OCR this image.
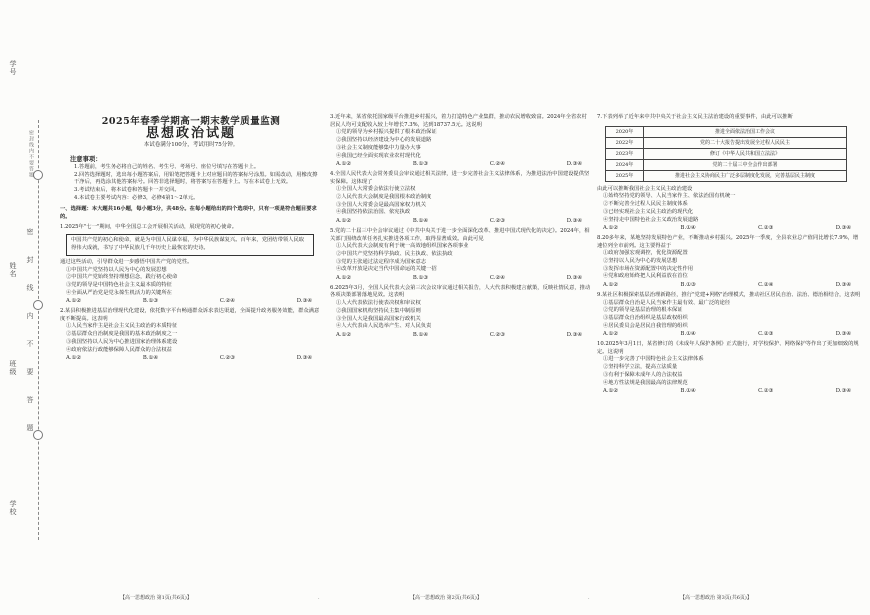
学号
姓名
班级
学校
密
封
线
内
不
要
答
题
密封线内不要答题
2025年春季学期高一期末教学质量监测
思想政治试题
本试卷满分100分，考试用时75分钟。
注意事项：
1.答题前，考生务必将自己的姓名、考生号、考场号、座位号填写在答题卡上。
2.回答选择题时，选出每小题答案后，用铅笔把答题卡上对应题目的答案标号涂黑。如需改动，用橡皮擦干净后，再选涂其他答案标号。回答非选择题时，将答案写在答题卡上。写在本试卷上无效。
3.考试结束后，将本试卷和答题卡一并交回。
4.本试卷主要考试内容：必修3，必修4第1～2单元。
一、选择题：本大题共16小题，每小题3分，共48分。在每小题给出的四个选项中，只有一项是符合题目要求的。
1.2025年"七一"期间，中华全国总工会开展相关活动，展现党的初心使命。
中国共产党的初心和使命，就是为中国人民谋幸福，为中华民族谋复兴。百年来，党团结带领人民取得伟大成就，书写了中华民族几千年历史上最恢宏的史诗。
通过这些活动，引导群众进一步感悟中国共产党的党性。
①中国共产党坚持以人民为中心的发展思想
②中国共产党始终坚持理想信念，践行初心使命
③党的领导是中国特色社会主义最本质的特征
④全面从严治党是党永葆生机活力的关键所在
A.①②	B.①③	C.②④	D.③④
2.某县积极推进基层治理现代化建设，依托数字平台畅通群众诉求表达渠道，全面提升政务服务效能，群众满意度不断提高。这表明
①人民当家作主是社会主义民主政治的本质特征
②基层群众自治制度是我国的基本政治制度之一
③我国坚持以人民为中心推进国家治理体系建设
④政府依法行政能够保障人民群众的合法权益
A.①②	B.①④	C.②③	D.③④
3.近年来，某省依托国家级平台推进乡村振兴，着力打造特色产业集群，推动农民增收致富。2024年全省农村居民人均可支配收入较上年增长7.3%，达到18737.5元。这说明
①党的领导为乡村振兴提供了根本政治保证
②我国坚持以经济建设为中心的发展道路
③社会主义制度能够集中力量办大事
④我国已经全面实现农业农村现代化
A.①②	B.①③	C.②④	D.③④
4.全国人民代表大会常务委员会审议通过相关法律，进一步完善社会主义法律体系，为推进法治中国建设提供坚实保障。这体现了
①全国人大常委会依法行使立法权
②人民代表大会制度是我国根本政治制度
③全国人大常委会是最高国家权力机关
④我国坚持依法治国、依宪执政
A.①②	B.①④	C.②③	D.③④
5.党的二十届三中全会审议通过《中共中央关于进一步全面深化改革、推进中国式现代化的决定》。2024年，相关部门围绕改革任务扎实推进各项工作，取得显著成效。由此可见
①人民代表大会制度有利于统一高效地组织国家各项事业
②中国共产党坚持科学执政、民主执政、依法执政
③党的主张通过法定程序成为国家意志
④改革开放是决定当代中国命运的关键一招
A.①②	B.①③	C.②④	D.③④
6.2025年3月，全国人民代表大会第三次会议审议通过相关报告，人大代表积极建言献策，反映社情民意，推动各项决策部署落地见效。这表明
①人大代表依法行使表决权和审议权
②我国国家机构坚持民主集中制原则
③全国人大是我国最高国家行政机关
④人大代表由人民选举产生、对人民负责
A.①②	B.①④	C.②③	D.③④
7.下表列举了近年来中共中央关于社会主义民主法治建设的重要事件，由此可以推断
2020年	推进全面依法治国工作会议
2022年	党的二十大报告提出发展全过程人民民主
2023年	修订《中华人民共和国立法法》
2024年	党的二十届三中全会作出部署
2025年	推进社会主义协商民主广泛多层制度化发展，完善基层民主制度
由此可以推断我国社会主义民主政治建设
①始终坚持党的领导、人民当家作主、依法治国有机统一
②不断完善全过程人民民主制度体系
③已经实现社会主义民主政治的现代化
④坚持走中国特色社会主义政治发展道路
A.①②	B.①④	C.②③	D.③④
8.20多年来，某地坚持发展特色产业，不断推动乡村振兴。2025年一季度，全县农业总产值同比增长7.9%，增速位列全市前列。这主要得益于
①政府加强宏观调控，优化资源配置
②坚持以人民为中心的发展思想
③发挥市场在资源配置中的决定性作用
④党和政府始终把人民利益放在首位
A.①②	B.①③	C.②④	D.③④
9.某社区积极探索基层治理新路径，推行"党建+网格"治理模式，推动社区居民自治、法治、德治相结合，这表明
①基层群众自治是人民当家作主最有效、最广泛的途径
②党的领导是基层治理的根本保证
③基层群众自治组织是基层政权组织
④居民委员会是居民自我管理的组织
A.①②	B.①④	C.②③	D.③④
10.2025年3月1日，某省修订的《未成年人保护条例》正式施行，对学校保护、网络保护等作出了更加细致的规定。这说明
①进一步完善了中国特色社会主义法律体系
②坚持科学立法，提高立法质量
③有利于保障未成年人的合法权益
④地方性法规是我国最高的法律规范
A.①②	B.①④	C.②③	D.③④
【高一思想政治 第1页(共6页)】	【高一思想政治 第2页(共6页)】	【高一思想政治 第3页(共6页)】
·	·
